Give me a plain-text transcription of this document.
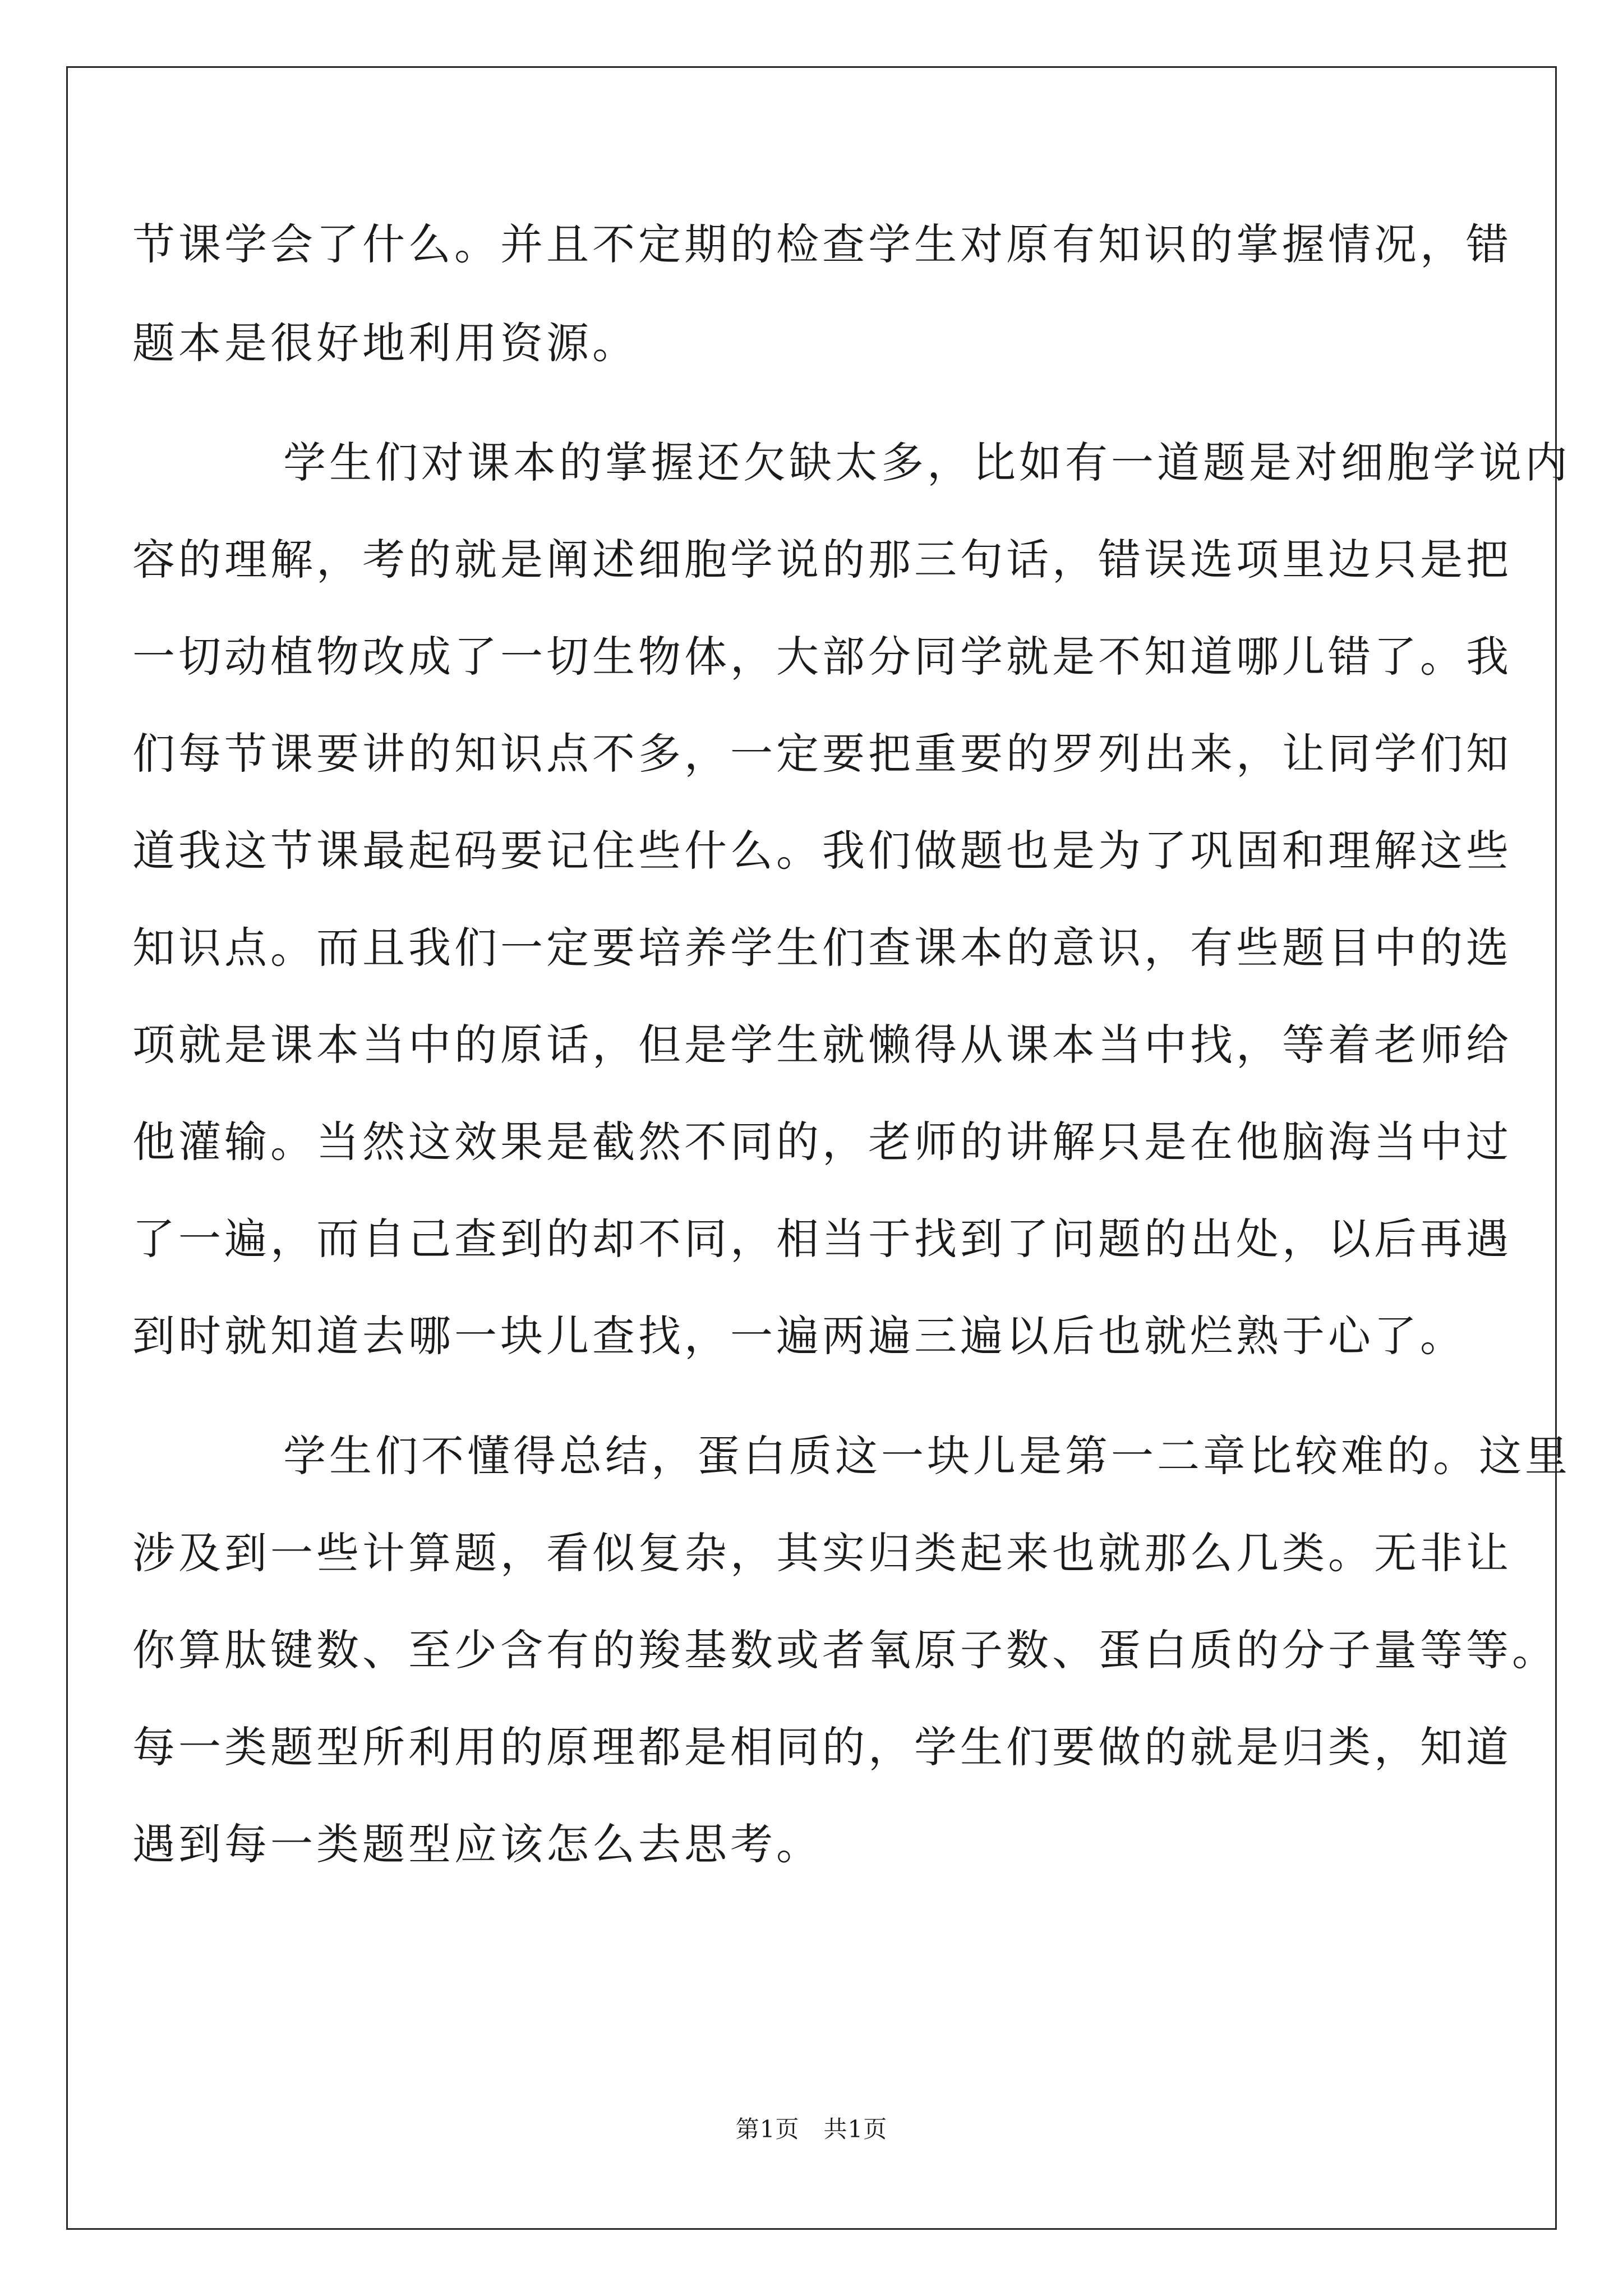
节课学会了什么。并且不定期的检查学生对原有知识的掌握情况，错

题本是很好地利用资源。

学生们对课本的掌握还欠缺太多，比如有一道题是对细胞学说内

容的理解，考的就是阐述细胞学说的那三句话，错误选项里边只是把

一切动植物改成了一切生物体，大部分同学就是不知道哪儿错了。我

们每节课要讲的知识点不多，一定要把重要的罗列出来，让同学们知

道我这节课最起码要记住些什么。我们做题也是为了巩固和理解这些

知识点。而且我们一定要培养学生们查课本的意识，有些题目中的选

项就是课本当中的原话，但是学生就懒得从课本当中找，等着老师给

他灌输。当然这效果是截然不同的，老师的讲解只是在他脑海当中过

了一遍，而自己查到的却不同，相当于找到了问题的出处，以后再遇

到时就知道去哪一块儿查找，一遍两遍三遍以后也就烂熟于心了。

学生们不懂得总结，蛋白质这一块儿是第一二章比较难的。这里

涉及到一些计算题，看似复杂，其实归类起来也就那么几类。无非让

你算肽键数、至少含有的羧基数或者氧原子数、蛋白质的分子量等等。

每一类题型所利用的原理都是相同的，学生们要做的就是归类，知道

遇到每一类题型应该怎么去思考。

第1页　共1页
